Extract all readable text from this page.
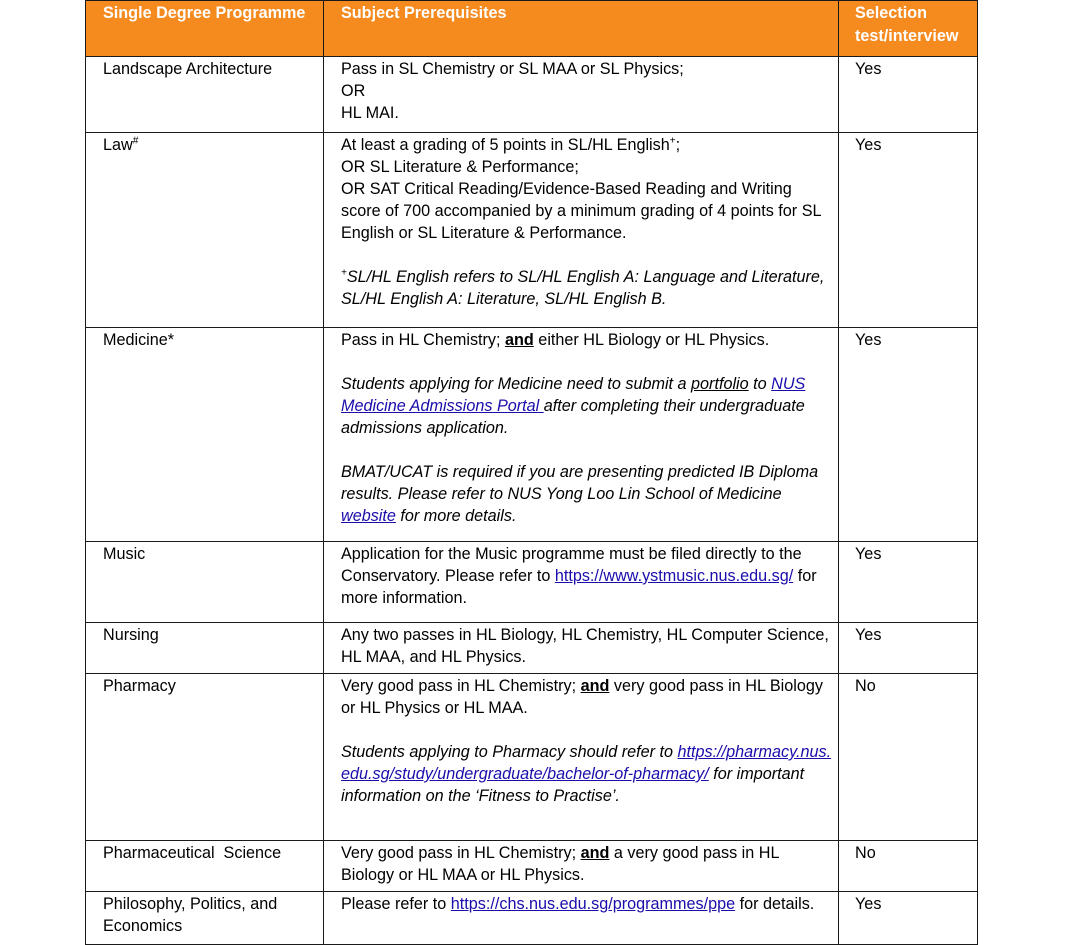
Single Degree Programme	Subject Prerequisites	Selection test/interview
Landscape Architecture	Pass in SL Chemistry or SL MAA or SL Physics;

OR

HL MAI.	Yes
Law#	At least a grading of 5 points in SL/HL English+;

OR SL Literature & Performance;

OR SAT Critical Reading/Evidence-Based Reading and Writing score of 700 accompanied by a minimum grading of 4 points for SL English or SL Literature & Performance.

+SL/HL English refers to SL/HL English A: Language and Literature, SL/HL English A: Literature, SL/HL English B.	Yes
Medicine*	Pass in HL Chemistry; and either HL Biology or HL Physics.

Students applying for Medicine need to submit a portfolio to NUS Medicine Admissions Portal after completing their undergraduate admissions application.

BMAT/UCAT is required if you are presenting predicted IB Diploma results. Please refer to NUS Yong Loo Lin School of Medicine website for more details.	Yes
Music	Application for the Music programme must be filed directly to the Conservatory. Please refer to https://www.ystmusic.nus.edu.sg/ for more information.	Yes
Nursing	Any two passes in HL Biology, HL Chemistry, HL Computer Science, HL MAA, and HL Physics.	Yes
Pharmacy	Very good pass in HL Chemistry; and very good pass in HL Biology or HL Physics or HL MAA.

Students applying to Pharmacy should refer to https://pharmacy.nus.edu.sg/study/undergraduate/bachelor-of-pharmacy/ for important information on the ‘Fitness to Practise’.	No
Pharmaceutical  Science	Very good pass in HL Chemistry; and a very good pass in HL Biology or HL MAA or HL Physics.	No
Philosophy, Politics, and Economics	Please refer to https://chs.nus.edu.sg/programmes/ppe for details.	Yes
